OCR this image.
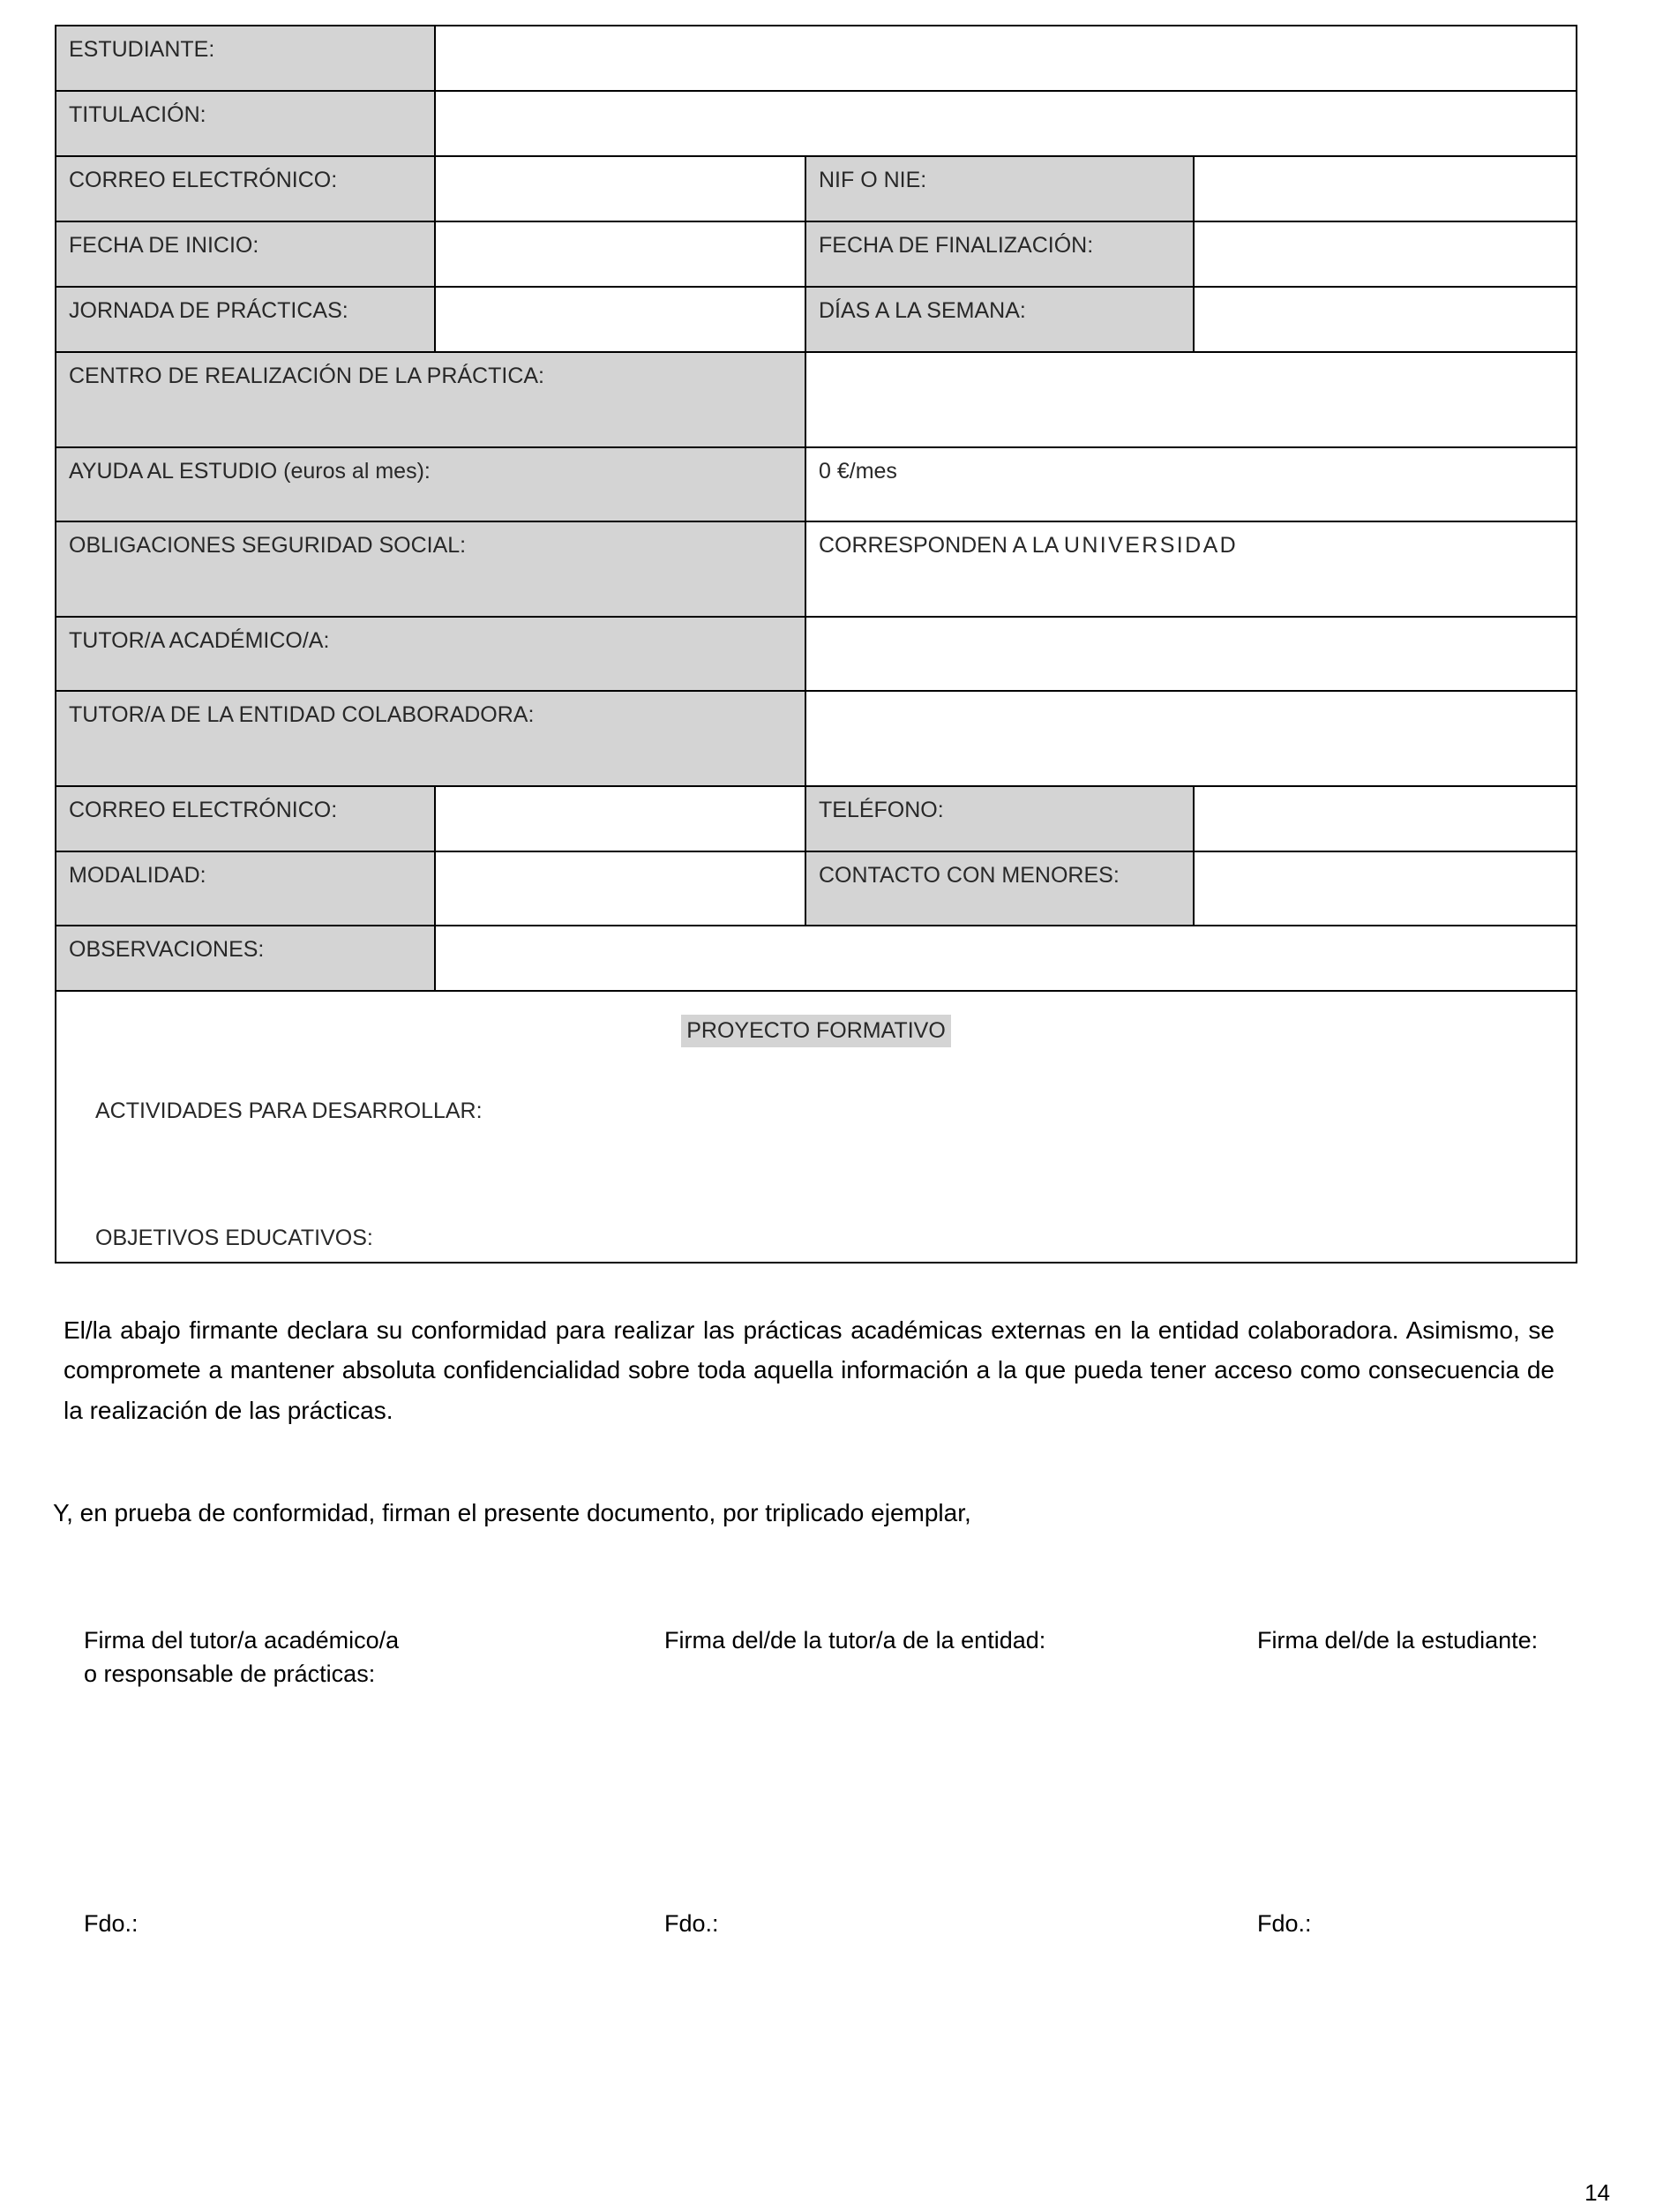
ESTUDIANTE:			
TITULACIÓN:			
CORREO ELECTRÓNICO:		NIF O NIE:	
FECHA DE INICIO:		FECHA DE FINALIZACIÓN:	
JORNADA DE PRÁCTICAS:		DÍAS A LA SEMANA:	
CENTRO DE REALIZACIÓN DE LA PRÁCTICA:			
AYUDA AL ESTUDIO (euros al mes):		0 €/mes	
OBLIGACIONES SEGURIDAD SOCIAL:		CORRESPONDEN A LA UNIVERSIDAD	
TUTOR/A ACADÉMICO/A:			
TUTOR/A DE LA ENTIDAD COLABORADORA:			
CORREO ELECTRÓNICO:		TELÉFONO:	
MODALIDAD:		CONTACTO CON MENORES:	
OBSERVACIONES:			

PROYECTO FORMATIVO
ACTIVIDADES PARA DESARROLLAR:
OBJETIVOS EDUCATIVOS:			
El/la abajo firmante declara su conformidad para realizar las prácticas académicas externas en la entidad colaboradora. Asimismo, se compromete a mantener absoluta confidencialidad sobre toda aquella información a la que pueda tener acceso como consecuencia de la realización de las prácticas.
Y, en prueba de conformidad, firman el presente documento, por triplicado ejemplar,
Firma del tutor/a académico/a
o responsable de prácticas:
Firma del/de la tutor/a de la entidad:	Firma del/de la estudiante:
Fdo.:	Fdo.:	Fdo.:
14
